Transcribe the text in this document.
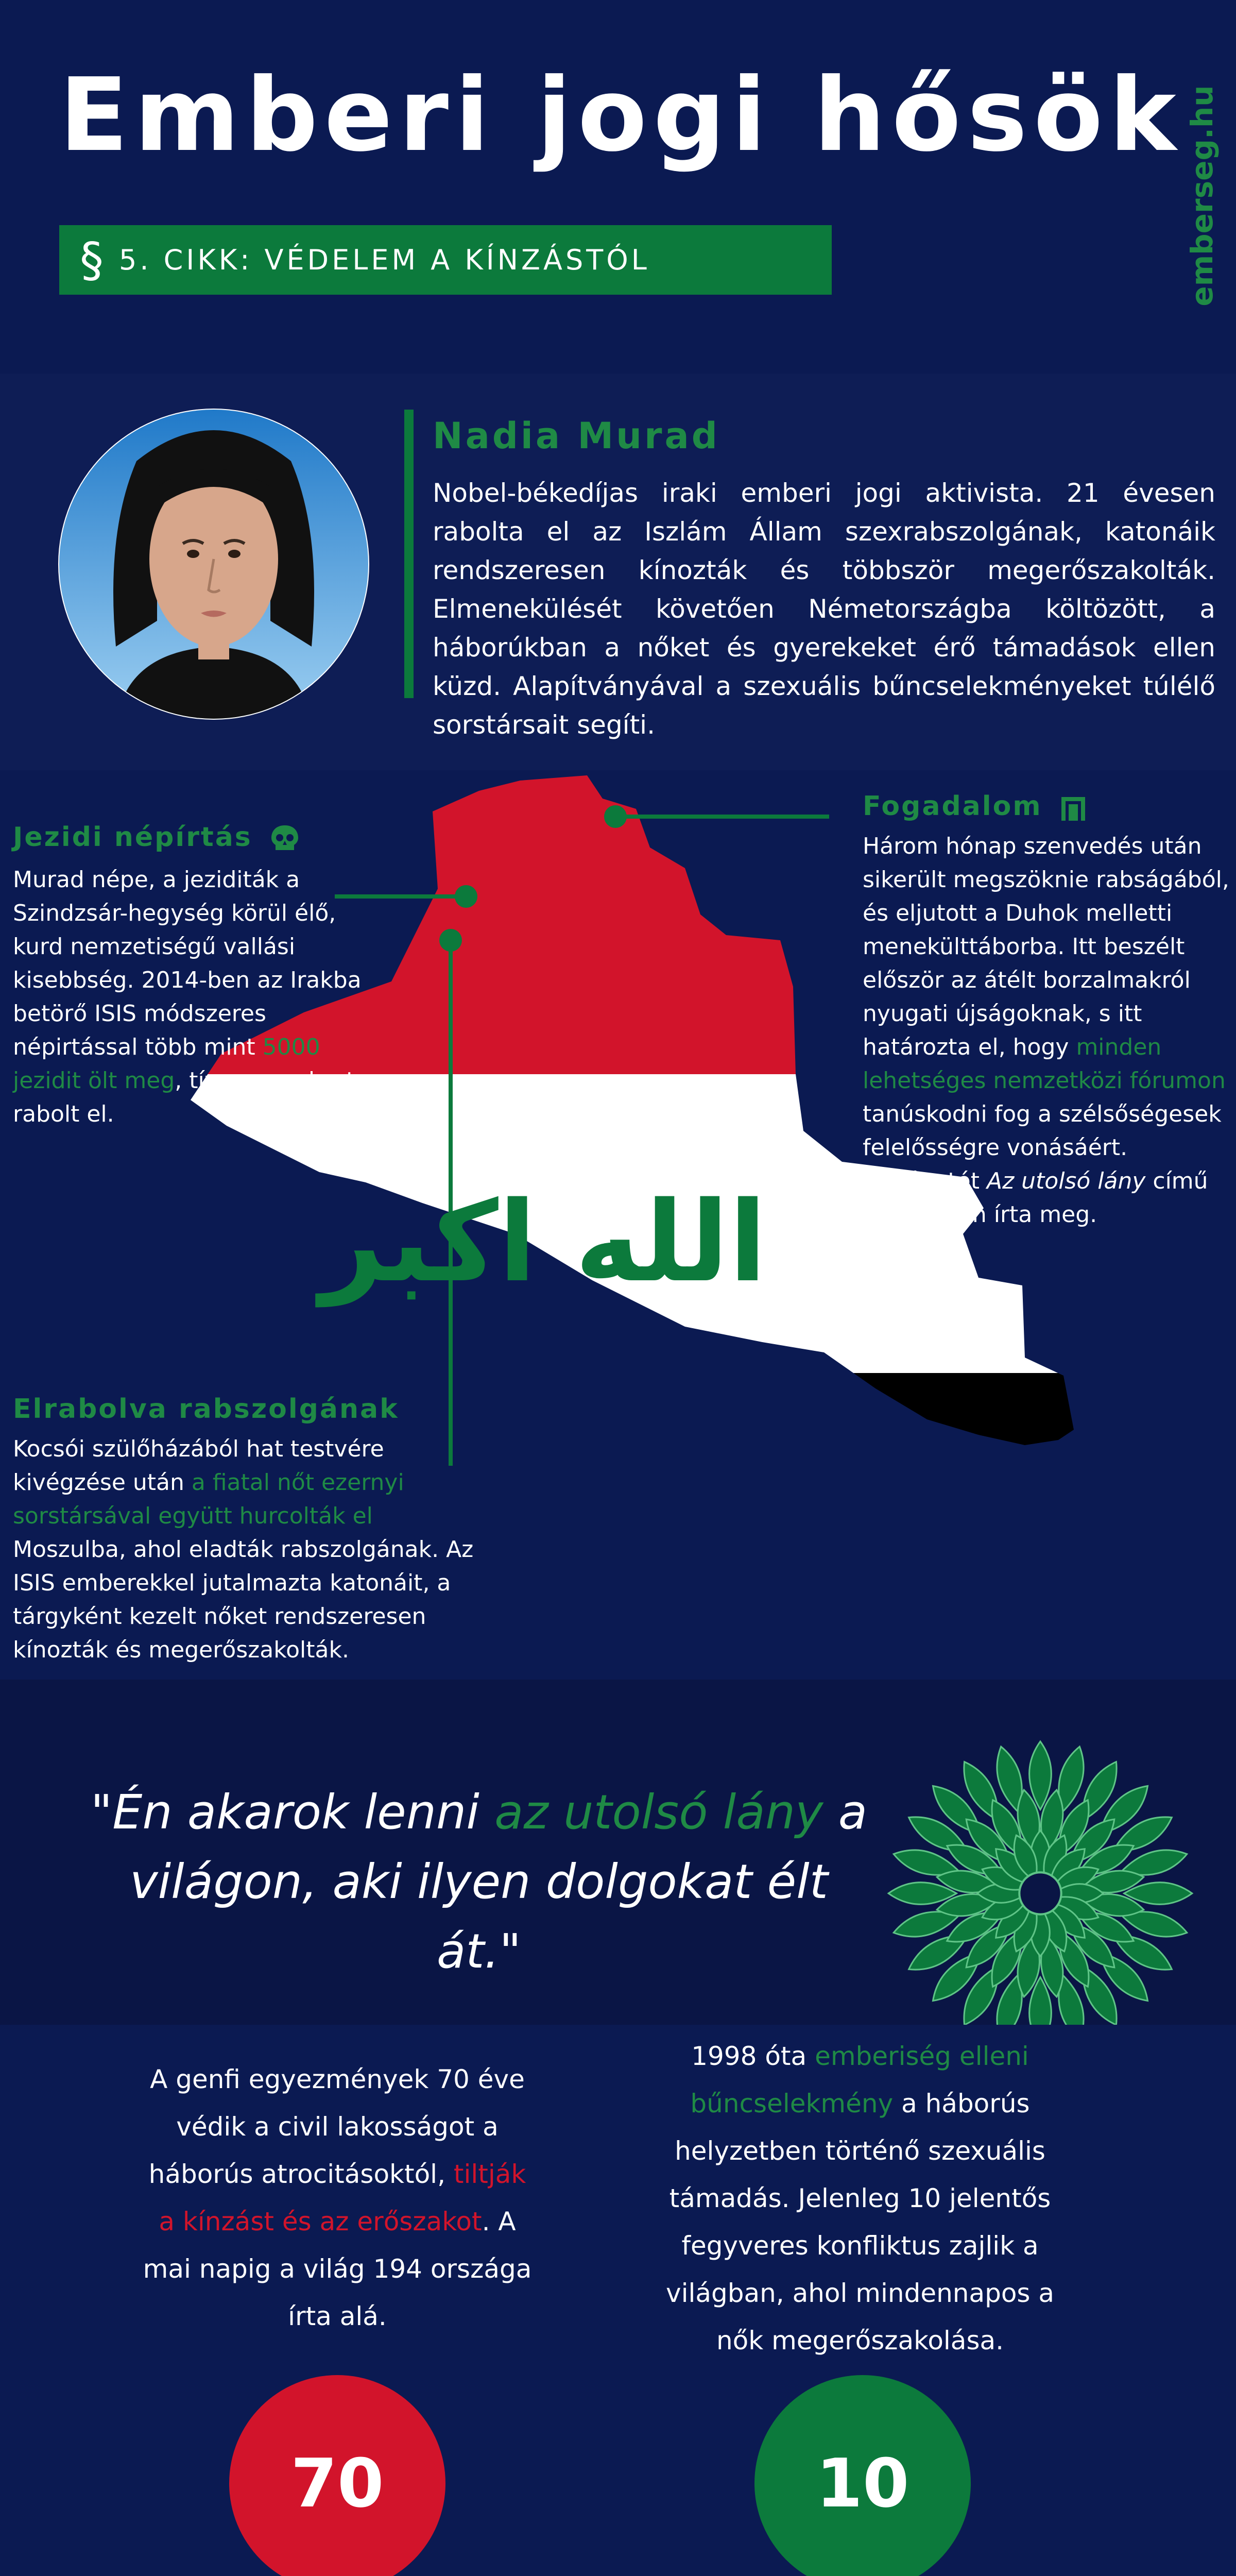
Emberi jogi hősök
§ 5. CIKK: VÉDELEM A KÍNZÁSTÓL	emberseg.hu
Nadia Murad
Nobel-békedíjas iraki emberi jogi aktivista. 21 évesen rabolta el az Iszlám Állam szexrabszolgának, katonáik rendszeresen kínozták és többször megerőszakolták. Elmenekülését követően Németországba költözött, a háborúkban a nőket és gyerekeket érő támadások ellen küzd. Alapítványával a szexuális bűncselekményeket túlélő sorstársait segíti.
الله اكبر
Jezidi népírtás
Murad népe, a jeziditák a Szindzsár-hegység körül élő, kurd nemzetiségű vallási kisebbség. 2014-ben az Irakba betörő ISIS módszeres népirtással több mint 5000 jezidit ölt meg, tízezer embert rabolt el.
Fogadalom
Három hónap szenvedés után sikerült megszöknie rabságából, és eljutott a Duhok melletti menekülttáborba. Itt beszélt először az átélt borzalmakról nyugati újságoknak, s itt határozta el, hogy minden lehetséges nemzetközi fórumon tanúskodni fog a szélsőségesek felelősségre vonásáért. Történetét Az utolsó lány című könyvében írta meg.
Elrabolva rabszolgának
Kocsói szülőházából hat testvére kivégzése után a fiatal nőt ezernyi sorstársával együtt hurcolták el Moszulba, ahol eladták rabszolgának. Az ISIS emberekkel jutalmazta katonáit, a tárgyként kezelt nőket rendszeresen kínozták és megerőszakolták.
"Én akarok lenni az utolsó lány a világon, aki ilyen dolgokat élt át."
A genfi egyezmények 70 éve védik a civil lakosságot a háborús atrocitásoktól, tiltják a kínzást és az erőszakot. A mai napig a világ 194 országa írta alá.
70
1998 óta emberiség elleni bűncselekmény a háborús helyzetben történő szexuális támadás. Jelenleg 10 jelentős fegyveres konfliktus zajlik a világban, ahol mindennapos a nők megerőszakolása.
10
